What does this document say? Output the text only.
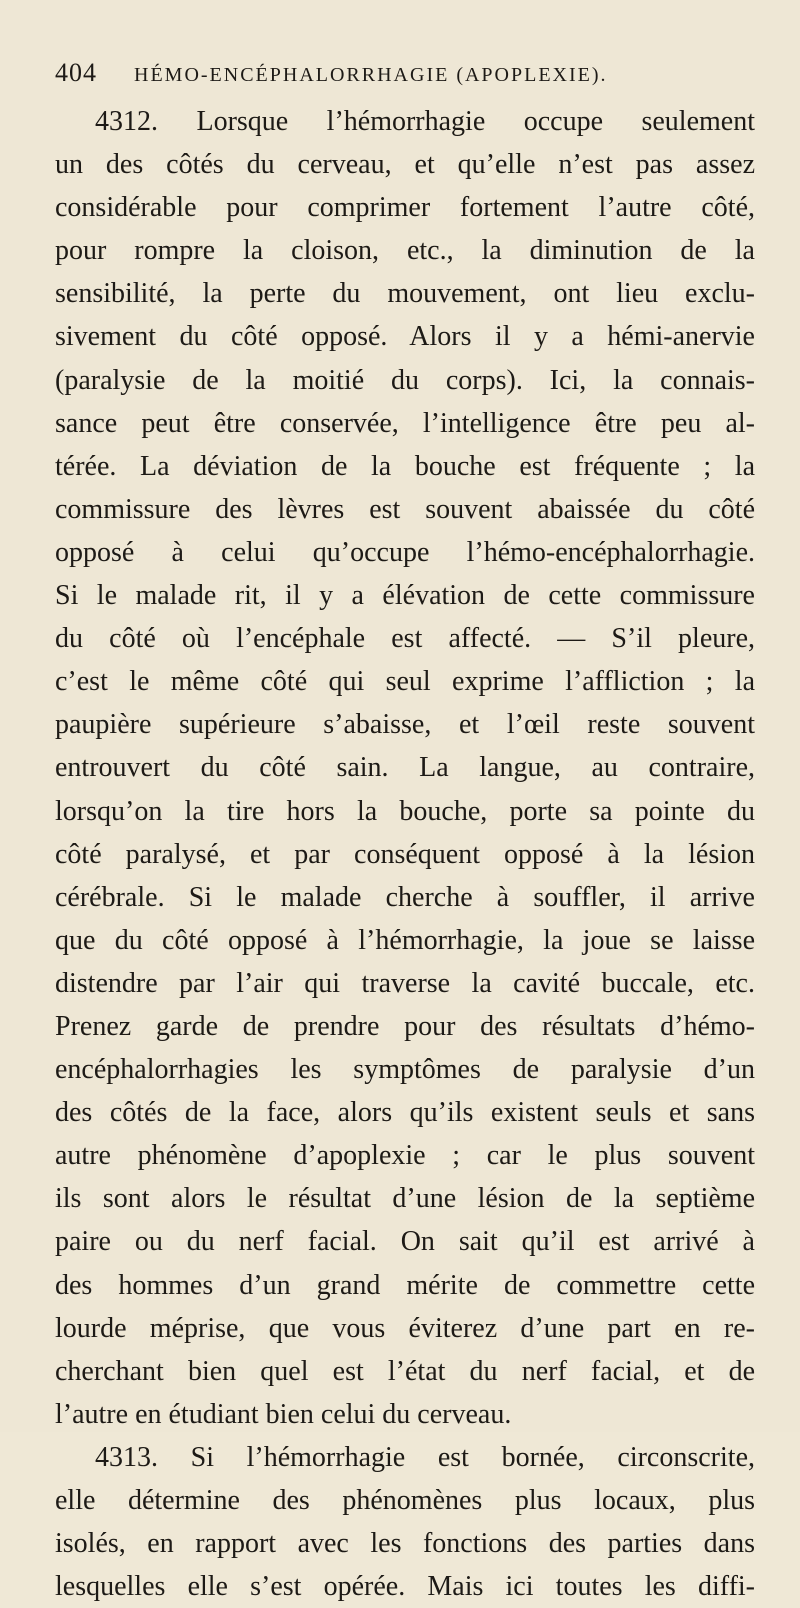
404 HÉMO-ENCÉPHALORRHAGIE (APOPLEXIE).
4312. Lorsque l’hémorrhagie occupe seulement
un des côtés du cerveau, et qu’elle n’est pas assez
considérable pour comprimer fortement l’autre côté,
pour rompre la cloison, etc., la diminution de la
sensibilité, la perte du mouvement, ont lieu exclu-
sivement du côté opposé. Alors il y a hémi-anervie
(paralysie de la moitié du corps). Ici, la connais-
sance peut être conservée, l’intelligence être peu al-
térée. La déviation de la bouche est fréquente ; la
commissure des lèvres est souvent abaissée du côté
opposé à celui qu’occupe l’hémo-encéphalorrhagie.
Si le malade rit, il y a élévation de cette commissure
du côté où l’encéphale est affecté. — S’il pleure,
c’est le même côté qui seul exprime l’affliction ; la
paupière supérieure s’abaisse, et l’œil reste souvent
entrouvert du côté sain. La langue, au contraire,
lorsqu’on la tire hors la bouche, porte sa pointe du
côté paralysé, et par conséquent opposé à la lésion
cérébrale. Si le malade cherche à souffler, il arrive
que du côté opposé à l’hémorrhagie, la joue se laisse
distendre par l’air qui traverse la cavité buccale, etc.
Prenez garde de prendre pour des résultats d’hémo-
encéphalorrhagies les symptômes de paralysie d’un
des côtés de la face, alors qu’ils existent seuls et sans
autre phénomène d’apoplexie ; car le plus souvent
ils sont alors le résultat d’une lésion de la septième
paire ou du nerf facial. On sait qu’il est arrivé à
des hommes d’un grand mérite de commettre cette
lourde méprise, que vous éviterez d’une part en re-
cherchant bien quel est l’état du nerf facial, et de
l’autre en étudiant bien celui du cerveau.
4313. Si l’hémorrhagie est bornée, circonscrite,
elle détermine des phénomènes plus locaux, plus
isolés, en rapport avec les fonctions des parties dans
lesquelles elle s’est opérée. Mais ici toutes les diffi-
